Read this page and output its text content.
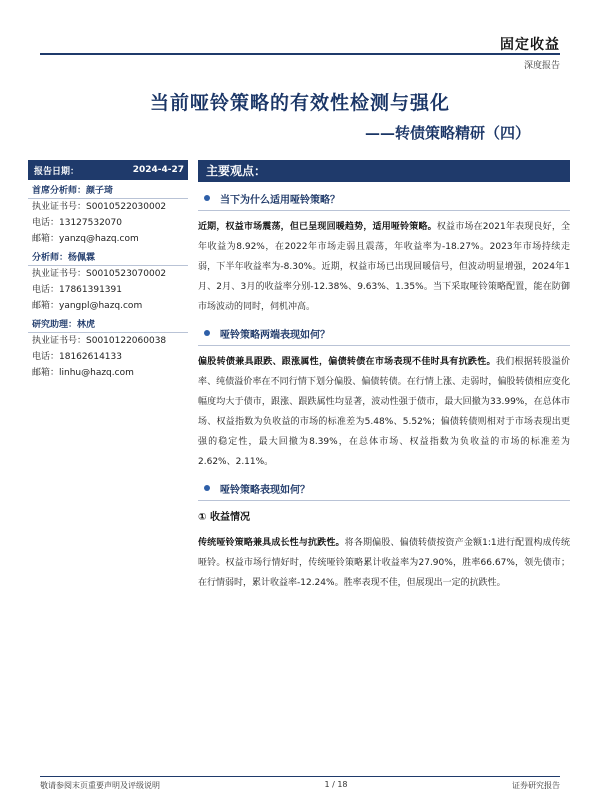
固定收益
深度报告
当前哑铃策略的有效性检测与强化
——转债策略精研（四）
报告日期：	2024-4-27
首席分析师：颜子琦
执业证书号：S0010522030002
电话：13127532070
邮箱：yanzq@hazq.com
分析师：杨佩霖
执业证书号：S0010523070002
电话：17861391391
邮箱：yangpl@hazq.com
研究助理：林虎
执业证书号：S0010122060038
电话：18162614133
邮箱：linhu@hazq.com
主要观点：
当下为什么适用哑铃策略？

近期，权益市场震荡，但已呈现回暖趋势，适用哑铃策略。权益市场在2021年表现良好，全年收益为8.92%，在2022年市场走弱且震荡，年收益率为-18.27%。2023年市场持续走弱，下半年收益率为-8.30%。近期，权益市场已出现回暖信号，但波动明显增强，2024年1月、2月、3月的收益率分别-12.38%、9.63%、1.35%。当下采取哑铃策略配置，能在防御市场波动的同时，伺机冲高。

哑铃策略两端表现如何？

偏股转债兼具跟跌、跟涨属性，偏债转债在市场表现不佳时具有抗跌性。我们根据转股溢价率、纯债溢价率在不同行情下划分偏股、偏债转债。在行情上涨、走弱时，偏股转债相应变化幅度均大于债市，跟涨、跟跌属性均显著，波动性强于债市，最大回撤为33.99%，在总体市场、权益指数为负收益的市场的标准差为5.48%、5.52%；偏债转债则相对于市场表现出更强的稳定性，最大回撤为8.39%，在总体市场、权益指数为负收益的市场的标准差为2.62%、2.11%。

哑铃策略表现如何？
① 收益情况

传统哑铃策略兼具成长性与抗跌性。将各期偏股、偏债转债按资产金额1:1进行配置构成传统哑铃。权益市场行情好时，传统哑铃策略累计收益率为27.90%，胜率66.67%，领先债市；在行情弱时，累计收益率-12.24%。胜率表现不佳，但展现出一定的抗跌性。

敬请参阅末页重要声明及评级说明	1 / 18	证券研究报告
